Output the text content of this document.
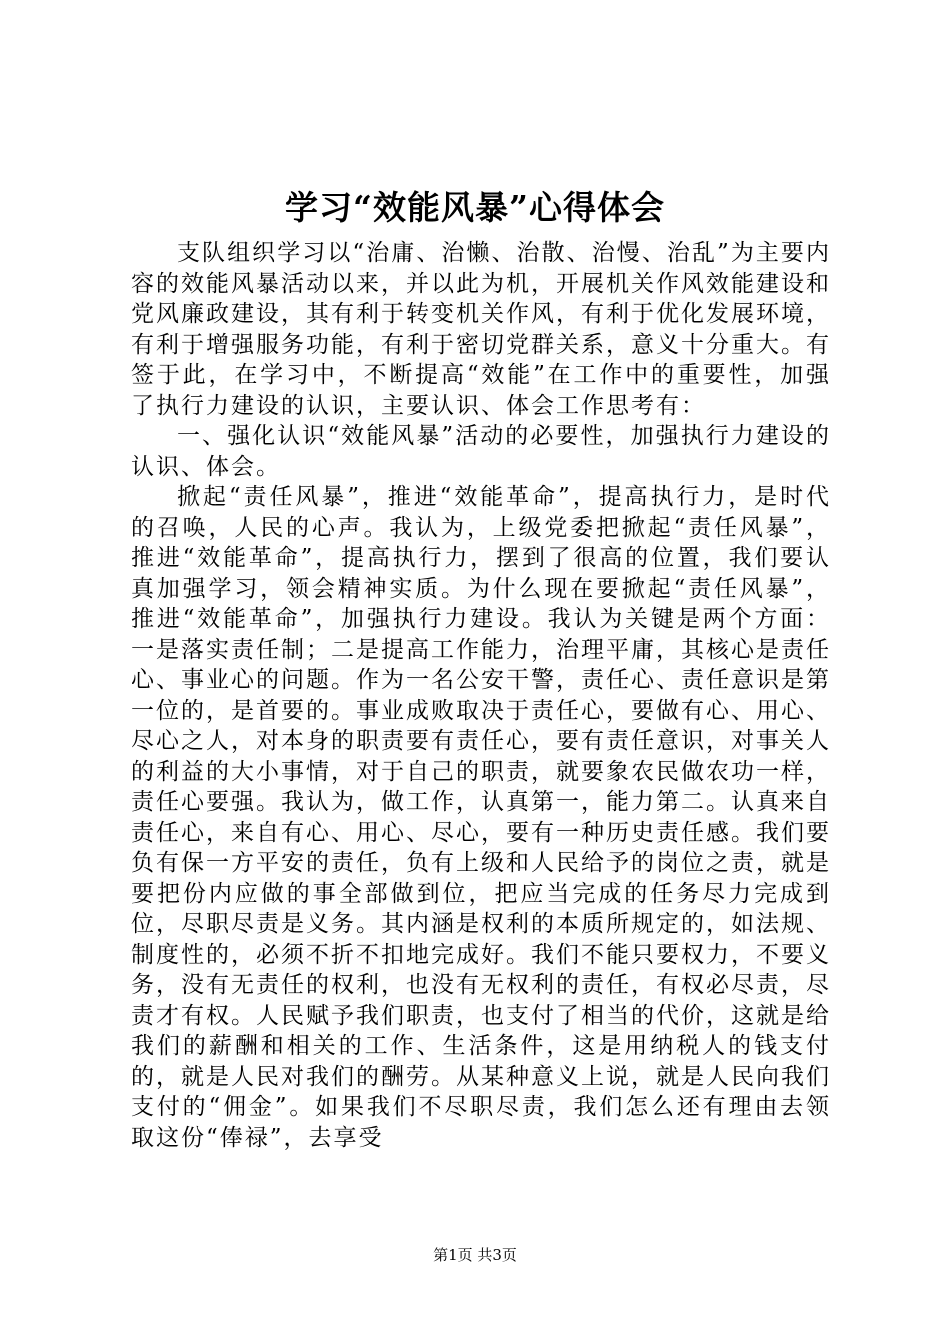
学习“效能风暴”心得体会

支队组织学习以“治庸、治懒、治散、治慢、治乱”为主要内容的效能风暴活动以来，并以此为机，开展机关作风效能建设和党风廉政建设，其有利于转变机关作风，有利于优化发展环境，有利于增强服务功能，有利于密切党群关系，意义十分重大。有签于此，在学习中，不断提高“效能”在工作中的重要性，加强了执行力建设的认识，主要认识、体会工作思考有：

一、强化认识“效能风暴”活动的必要性，加强执行力建设的认识、体会。

掀起“责任风暴”，推进“效能革命”，提高执行力，是时代的召唤，人民的心声。我认为，上级党委把掀起“责任风暴”，推进“效能革命”，提高执行力，摆到了很高的位置，我们要认真加强学习，领会精神实质。为什么现在要掀起“责任风暴”，推进“效能革命”，加强执行力建设。我认为关键是两个方面：一是落实责任制；二是提高工作能力，治理平庸，其核心是责任心、事业心的问题。作为一名公安干警，责任心、责任意识是第一位的，是首要的。事业成败取决于责任心，要做有心、用心、尽心之人，对本身的职责要有责任心，要有责任意识，对事关人的利益的大小事情，对于自己的职责，就要象农民做农功一样，责任心要强。我认为，做工作，认真第一，能力第二。认真来自责任心，来自有心、用心、尽心，要有一种历史责任感。我们要负有保一方平安的责任，负有上级和人民给予的岗位之责，就是要把份内应做的事全部做到位，把应当完成的任务尽力完成到位，尽职尽责是义务。其内涵是权利的本质所规定的，如法规、制度性的，必须不折不扣地完成好。我们不能只要权力，不要义务，没有无责任的权利，也没有无权利的责任，有权必尽责，尽责才有权。人民赋予我们职责，也支付了相当的代价，这就是给我们的薪酬和相关的工作、生活条件，这是用纳税人的钱支付的，就是人民对我们的酬劳。从某种意义上说，就是人民向我们支付的“佣金”。如果我们不尽职尽责，我们怎么还有理由去领取这份“俸禄”，去享受

第1页 共3页
